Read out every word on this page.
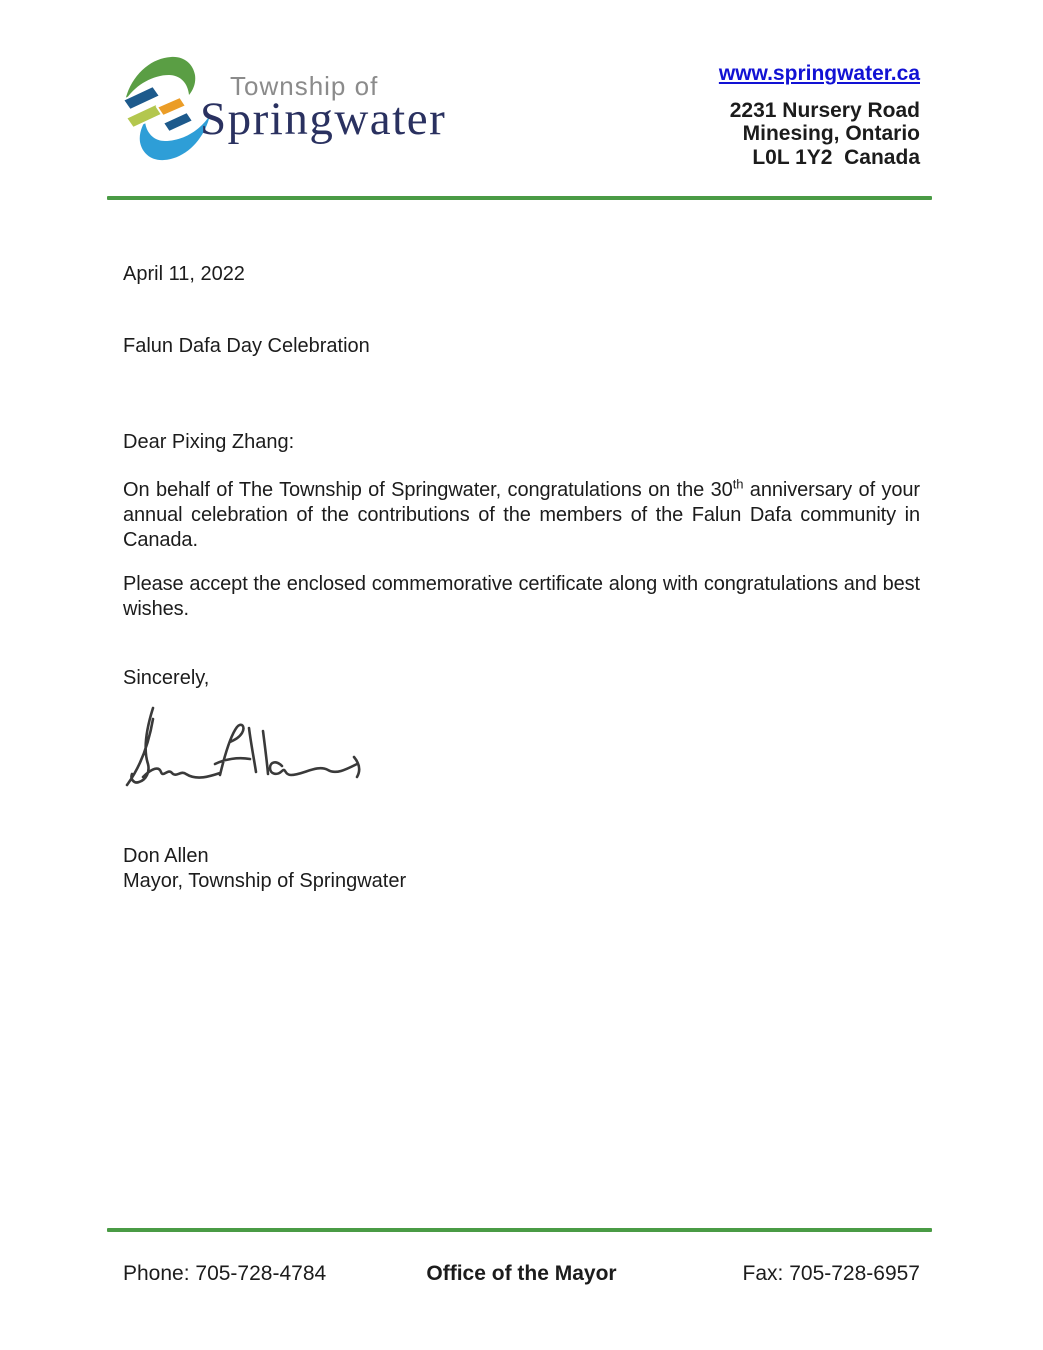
Township of
Springwater
www.springwater.ca
2231 Nursery Road
Minesing, Ontario
L0L 1Y2  Canada

April 11, 2022

Falun Dafa Day Celebration

Dear Pixing Zhang:

On behalf of The Township of Springwater, congratulations on the 30th anniversary of your annual celebration of the contributions of the members of the Falun Dafa community in Canada.

Please accept the enclosed commemorative certificate along with congratulations and best wishes.

Sincerely,

Don Allen

Mayor, Township of Springwater

Phone: 705-728-4784	Office of the Mayor	Fax: 705-728-6957
